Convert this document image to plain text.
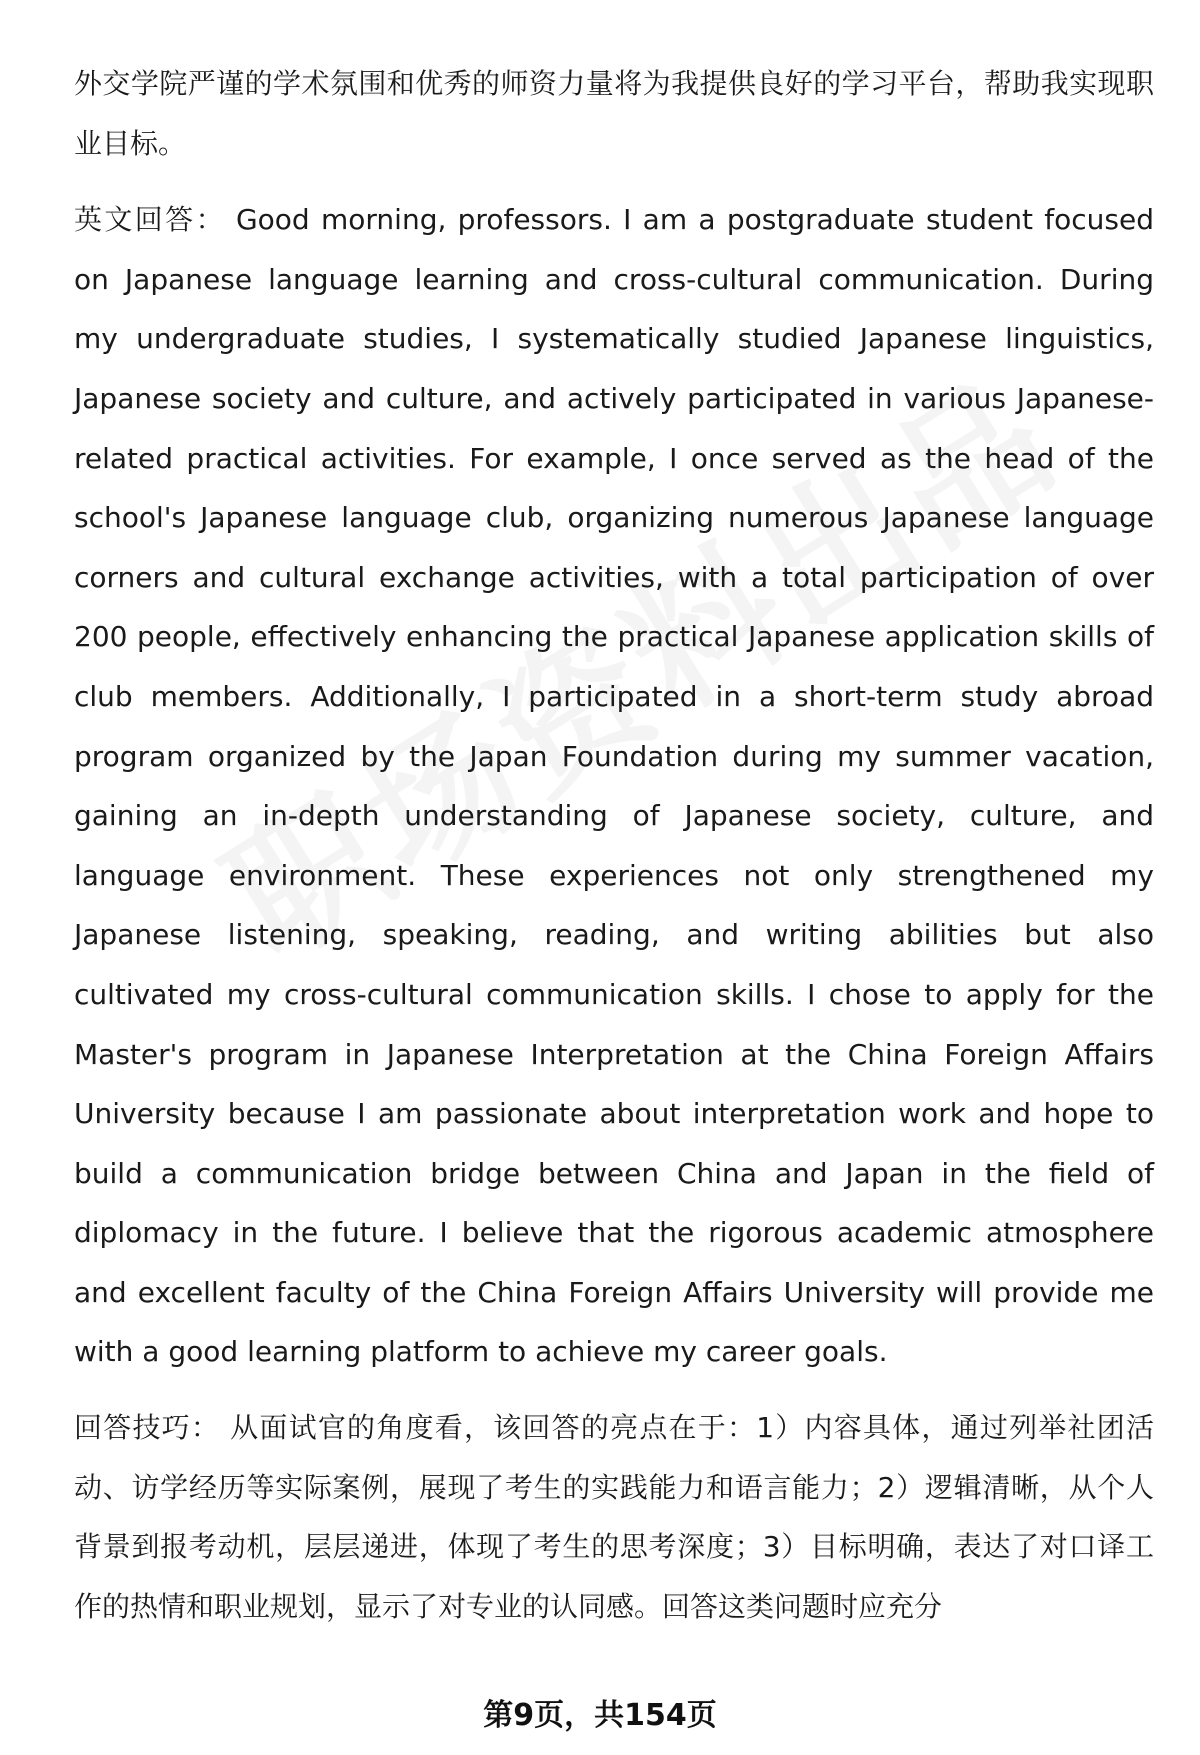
外交学院严谨的学术氛围和优秀的师资力量将为我提供良好的学习平台，帮助我实现职业目标。

英文回答： Good morning, professors. I am a postgraduate student focused on Japanese language learning and cross-cultural communication. During my undergraduate studies, I systematically studied Japanese linguistics, Japanese society and culture, and actively participated in various Japanese-related practical activities. For example, I once served as the head of the school's Japanese language club, organizing numerous Japanese language corners and cultural exchange activities, with a total participation of over 200 people, effectively enhancing the practical Japanese application skills of club members. Additionally, I participated in a short-term study abroad program organized by the Japan Foundation during my summer vacation, gaining an in-depth understanding of Japanese society, culture, and language environment. These experiences not only strengthened my Japanese listening, speaking, reading, and writing abilities but also cultivated my cross-cultural communication skills. I chose to apply for the Master's program in Japanese Interpretation at the China Foreign Affairs University because I am passionate about interpretation work and hope to build a communication bridge between China and Japan in the field of diplomacy in the future. I believe that the rigorous academic atmosphere and excellent faculty of the China Foreign Affairs University will provide me with a good learning platform to achieve my career goals.

回答技巧： 从面试官的角度看，该回答的亮点在于：1）内容具体，通过列举社团活动、访学经历等实际案例，展现了考生的实践能力和语言能力；2）逻辑清晰，从个人背景到报考动机，层层递进，体现了考生的思考深度；3）目标明确，表达了对口译工作的热情和职业规划，显示了对专业的认同感。回答这类问题时应充分

第9页，共154页
